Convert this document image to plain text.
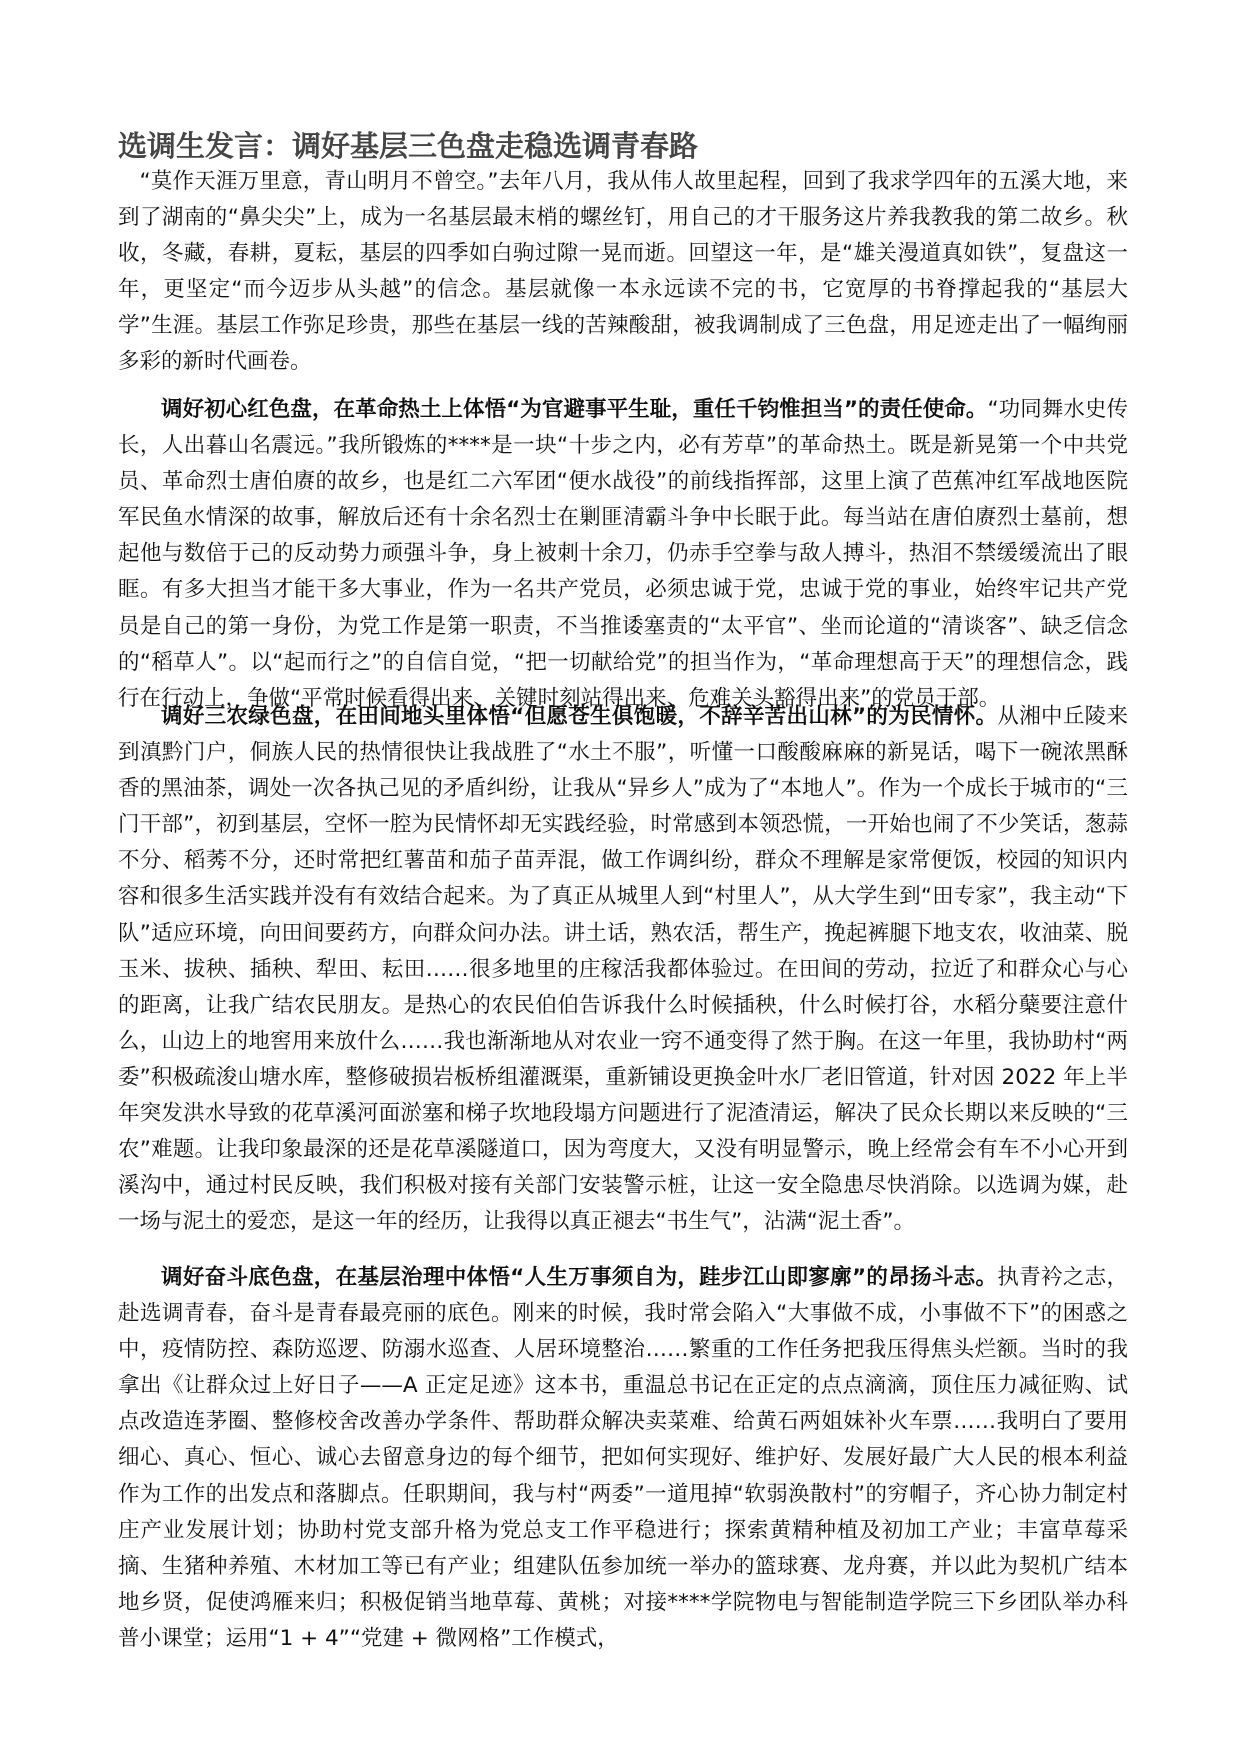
选调生发言：调好基层三色盘走稳选调青春路

“莫作天涯万里意，青山明月不曾空。”去年八月，我从伟人故里起程，回到了我求学四年的五溪大地，来到了湖南的“鼻尖尖”上，成为一名基层最末梢的螺丝钉，用自己的才干服务这片养我教我的第二故乡。秋收，冬藏，春耕，夏耘，基层的四季如白驹过隙一晃而逝。回望这一年，是“雄关漫道真如铁”，复盘这一年，更坚定“而今迈步从头越”的信念。基层就像一本永远读不完的书，它宽厚的书脊撑起我的“基层大学”生涯。基层工作弥足珍贵，那些在基层一线的苦辣酸甜，被我调制成了三色盘，用足迹走出了一幅绚丽多彩的新时代画卷。

调好初心红色盘，在革命热土上体悟“为官避事平生耻，重任千钧惟担当”的责任使命。“功同舞水史传长，人出暮山名震远。”我所锻炼的****是一块“十步之内，必有芳草”的革命热土。既是新晃第一个中共党员、革命烈士唐伯赓的故乡，也是红二六军团“便水战役”的前线指挥部，这里上演了芭蕉冲红军战地医院军民鱼水情深的故事，解放后还有十余名烈士在剿匪清霸斗争中长眠于此。每当站在唐伯赓烈士墓前，想起他与数倍于己的反动势力顽强斗争，身上被刺十余刀，仍赤手空拳与敌人搏斗，热泪不禁缓缓流出了眼眶。有多大担当才能干多大事业，作为一名共产党员，必须忠诚于党，忠诚于党的事业，始终牢记共产党员是自己的第一身份，为党工作是第一职责，不当推诿塞责的“太平官”、坐而论道的“清谈客”、缺乏信念的“稻草人”。以“起而行之”的自信自觉，“把一切献给党”的担当作为，“革命理想高于天”的理想信念，践行在行动上，争做“平常时候看得出来、关键时刻站得出来、危难关头豁得出来”的党员干部。

调好三农绿色盘，在田间地头里体悟“但愿苍生俱饱暖，不辞辛苦出山林”的为民情怀。从湘中丘陵来到滇黔门户，侗族人民的热情很快让我战胜了“水土不服”，听懂一口酸酸麻麻的新晃话，喝下一碗浓黑酥香的黑油茶，调处一次各执己见的矛盾纠纷，让我从“异乡人”成为了“本地人”。作为一个成长于城市的“三门干部”，初到基层，空怀一腔为民情怀却无实践经验，时常感到本领恐慌，一开始也闹了不少笑话，葱蒜不分、稻莠不分，还时常把红薯苗和茄子苗弄混，做工作调纠纷，群众不理解是家常便饭，校园的知识内容和很多生活实践并没有有效结合起来。为了真正从城里人到“村里人”，从大学生到“田专家”，我主动“下队”适应环境，向田间要药方，向群众问办法。讲土话，熟农活，帮生产，挽起裤腿下地支农，收油菜、脱玉米、拔秧、插秧、犁田、耘田……很多地里的庄稼活我都体验过。在田间的劳动，拉近了和群众心与心的距离，让我广结农民朋友。是热心的农民伯伯告诉我什么时候插秧，什么时候打谷，水稻分蘖要注意什么，山边上的地窖用来放什么……我也渐渐地从对农业一窍不通变得了然于胸。在这一年里，我协助村“两委”积极疏浚山塘水库，整修破损岩板桥组灌溉渠，重新铺设更换金叶水厂老旧管道，针对因 2022 年上半年突发洪水导致的花草溪河面淤塞和梯子坎地段塌方问题进行了泥渣清运，解决了民众长期以来反映的“三农”难题。让我印象最深的还是花草溪隧道口，因为弯度大，又没有明显警示，晚上经常会有车不小心开到溪沟中，通过村民反映，我们积极对接有关部门安装警示桩，让这一安全隐患尽快消除。以选调为媒，赴一场与泥土的爱恋，是这一年的经历，让我得以真正褪去“书生气”，沾满“泥土香”。

调好奋斗底色盘，在基层治理中体悟“人生万事须自为，跬步江山即寥廓”的昂扬斗志。执青衿之志，赴选调青春，奋斗是青春最亮丽的底色。刚来的时候，我时常会陷入“大事做不成，小事做不下”的困惑之中，疫情防控、森防巡逻、防溺水巡查、人居环境整治……繁重的工作任务把我压得焦头烂额。当时的我拿出《让群众过上好日子——A 正定足迹》这本书，重温总书记在正定的点点滴滴，顶住压力减征购、试点改造连茅圈、整修校舍改善办学条件、帮助群众解决卖菜难、给黄石两姐妹补火车票……我明白了要用细心、真心、恒心、诚心去留意身边的每个细节，把如何实现好、维护好、发展好最广大人民的根本利益作为工作的出发点和落脚点。任职期间，我与村“两委”一道甩掉“软弱涣散村”的穷帽子，齐心协力制定村庄产业发展计划；协助村党支部升格为党总支工作平稳进行；探索黄精种植及初加工产业；丰富草莓采摘、生猪种养殖、木材加工等已有产业；组建队伍参加统一举办的篮球赛、龙舟赛，并以此为契机广结本地乡贤，促使鸿雁来归；积极促销当地草莓、黄桃；对接****学院物电与智能制造学院三下乡团队举办科普小课堂；运用“1 + 4”“党建 + 微网格”工作模式，
